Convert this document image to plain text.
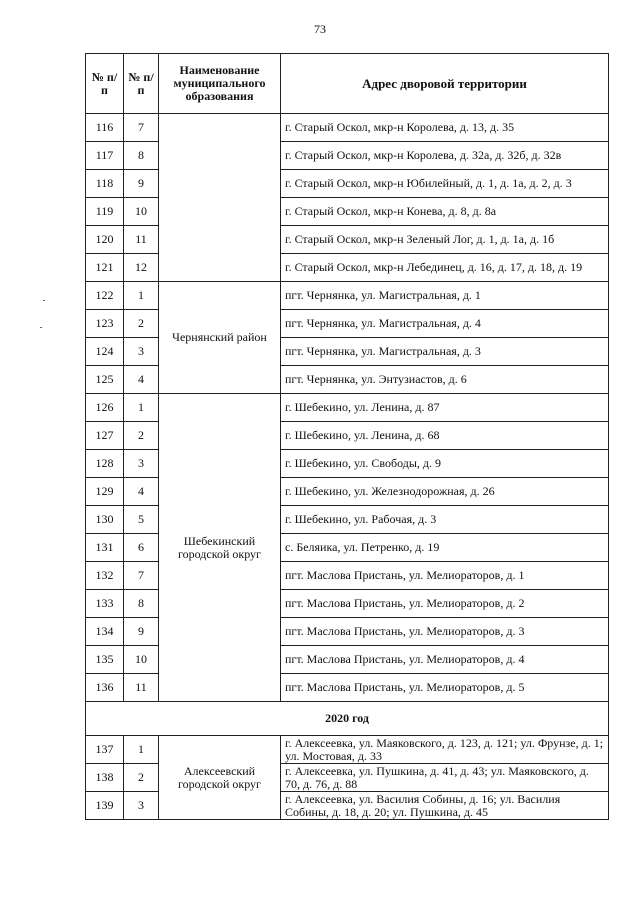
73
№ п/п	№ п/п	Наименование муниципального образования	Адрес дворовой территории
116	7		г. Старый Оскол, мкр-н Королева, д. 13, д. 35
117	8		г. Старый Оскол, мкр-н Королева, д. 32а, д. 32б, д. 32в
118	9		г. Старый Оскол, мкр-н Юбилейный, д. 1, д. 1а, д. 2, д. 3
119	10		г. Старый Оскол, мкр-н Конева, д. 8, д. 8а
120	11		г. Старый Оскол, мкр-н Зеленый Лог, д. 1, д. 1а, д. 1б
121	12		г. Старый Оскол, мкр-н Лебединец, д. 16, д. 17, д. 18, д. 19
122	1	Чернянский район	пгт. Чернянка, ул. Магистральная, д. 1
123	2		пгт. Чернянка, ул. Магистральная, д. 4
124	3		пгт. Чернянка, ул. Магистральная, д. 3
125	4		пгт. Чернянка, ул. Энтузиастов, д. 6
126	1	Шебекинский городской округ	г. Шебекино, ул. Ленина, д. 87
127	2		г. Шебекино, ул. Ленина, д. 68
128	3		г. Шебекино, ул. Свободы, д. 9
129	4		г. Шебекино, ул. Железнодорожная, д. 26
130	5		г. Шебекино, ул. Рабочая, д. 3
131	6		с. Беляика, ул. Петренко, д. 19
132	7		пгт. Маслова Пристань, ул. Мелиораторов, д. 1
133	8		пгт. Маслова Пристань, ул. Мелиораторов, д. 2
134	9		пгт. Маслова Пристань, ул. Мелиораторов, д. 3
135	10		пгт. Маслова Пристань, ул. Мелиораторов, д. 4
136	11		пгт. Маслова Пристань, ул. Мелиораторов, д. 5
2020 год			
137	1	Алексеевский городской округ	г. Алексеевка, ул. Маяковского, д. 123, д. 121; ул. Фрунзе, д. 1; ул. Мостовая, д. 33
138	2		г. Алексеевка, ул. Пушкина, д. 41, д. 43; ул. Маяковского, д. 70, д. 76, д. 88
139	3		г. Алексеевка, ул. Василия Собины, д. 16; ул. Василия Собины, д. 18, д. 20; ул. Пушкина, д. 45
